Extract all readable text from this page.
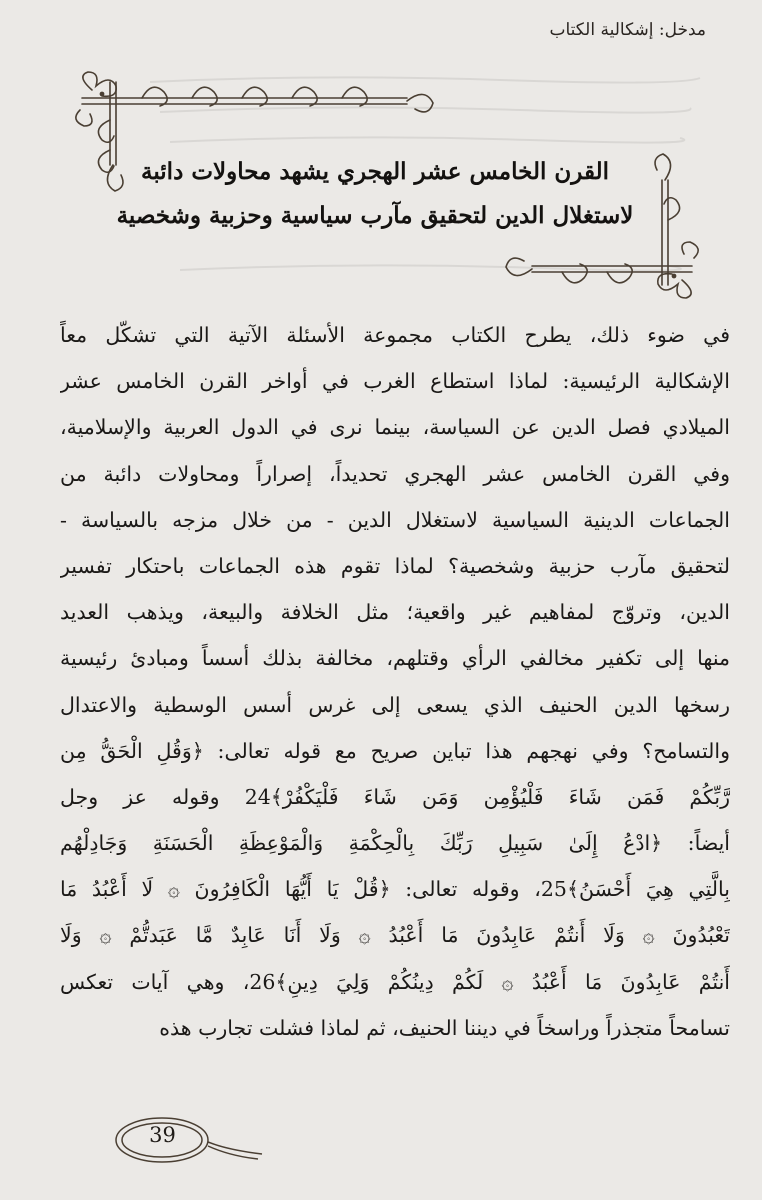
مدخل: إشكالية الكتاب
القرن الخامس عشر الهجري يشهد محاولات دائبة
لاستغلال الدين لتحقيق مآرب سياسية وحزبية وشخصية
في ضوء ذلك، يطرح الكتاب مجموعة الأسئلة الآتية التي تشكّل معاً
الإشكالية الرئيسية: لماذا استطاع الغرب في أواخر القرن الخامس عشر
الميلادي فصل الدين عن السياسة، بينما نرى في الدول العربية والإسلامية،
وفي القرن الخامس عشر الهجري تحديداً، إصراراً ومحاولات دائبة من
الجماعات الدينية السياسية لاستغلال الدين - من خلال مزجه بالسياسة -
لتحقيق مآرب حزبية وشخصية؟ لماذا تقوم هذه الجماعات باحتكار تفسير
الدين، وتروّج لمفاهيم غير واقعية؛ مثل الخلافة والبيعة، ويذهب العديد
منها إلى تكفير مخالفي الرأي وقتلهم، مخالفة بذلك أسساً ومبادئ رئيسية
رسخها الدين الحنيف الذي يسعى إلى غرس أسس الوسطية والاعتدال
والتسامح؟ وفي نهجهم هذا تباين صريح مع قوله تعالى: ﴿وَقُلِ الْحَقُّ مِن
رَّبِّكُمْ فَمَن شَاءَ فَلْيُؤْمِن وَمَن شَاءَ فَلْيَكْفُرْ﴾24 وقوله عز وجل
أيضاً: ﴿ادْعُ إِلَىٰ سَبِيلِ رَبِّكَ بِالْحِكْمَةِ وَالْمَوْعِظَةِ الْحَسَنَةِ وَجَادِلْهُم
بِالَّتِي هِيَ أَحْسَنُ﴾25، وقوله تعالى: ﴿قُلْ يَا أَيُّهَا الْكَافِرُونَ ۞ لَا أَعْبُدُ مَا
تَعْبُدُونَ ۞ وَلَا أَنتُمْ عَابِدُونَ مَا أَعْبُدُ ۞ وَلَا أَنَا عَابِدٌ مَّا عَبَدتُّمْ ۞ وَلَا
أَنتُمْ عَابِدُونَ مَا أَعْبُدُ ۞ لَكُمْ دِينُكُمْ وَلِيَ دِينِ﴾26، وهي آيات تعكس
تسامحاً متجذراً وراسخاً في ديننا الحنيف، ثم لماذا فشلت تجارب هذه
39
